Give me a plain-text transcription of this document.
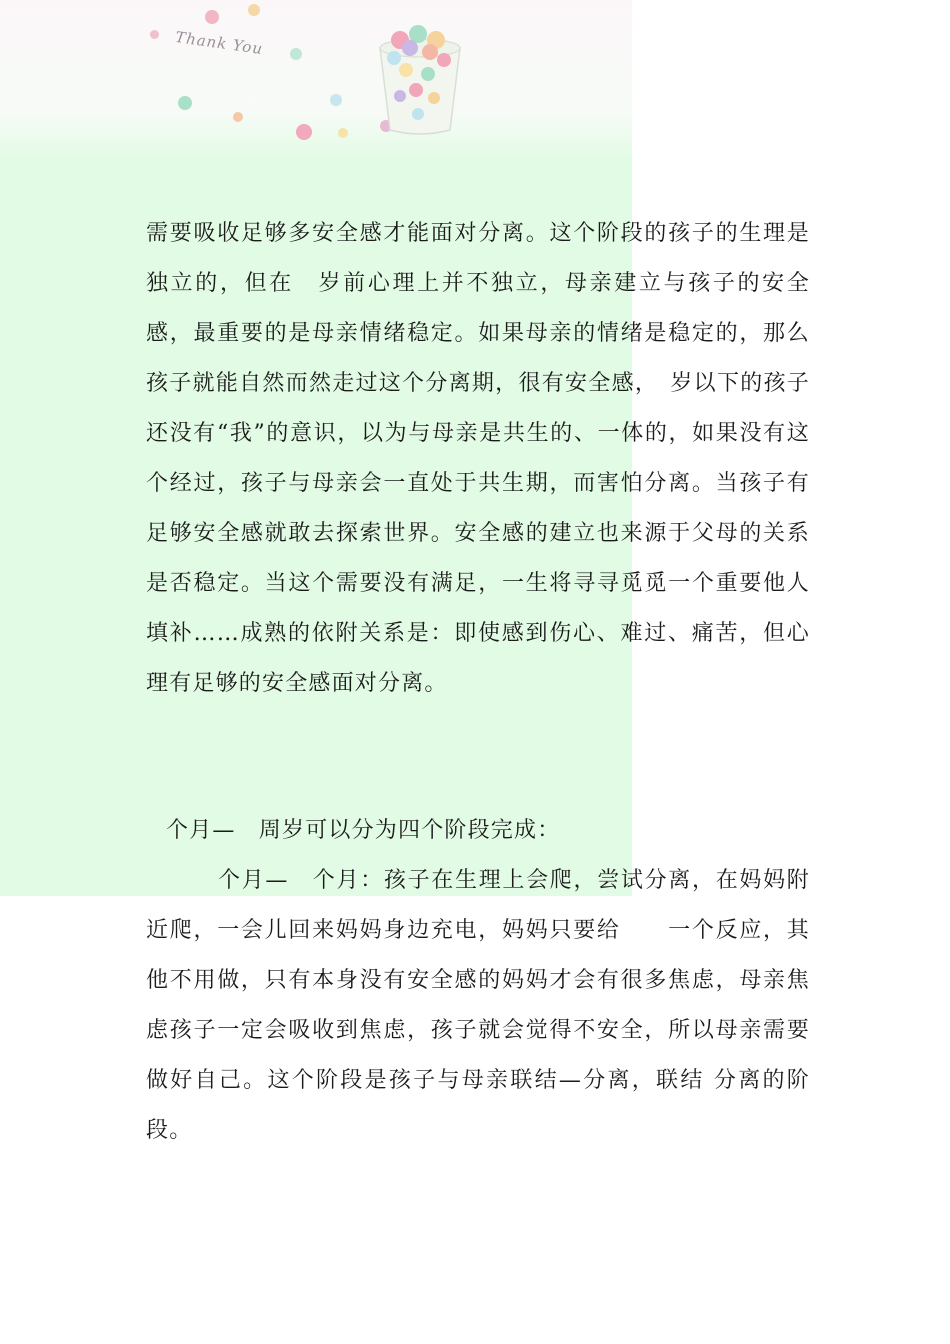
Thank You

需要吸收足够多安全感才能面对分离。这个阶段的孩子的生理是独立的，但在　岁前心理上并不独立，母亲建立与孩子的安全感，最重要的是母亲情绪稳定。如果母亲的情绪是稳定的，那么孩子就能自然而然走过这个分离期，很有安全感，　岁以下的孩子还没有“我”的意识，以为与母亲是共生的、一体的，如果没有这个经过，孩子与母亲会一直处于共生期，而害怕分离。当孩子有足够安全感就敢去探索世界。安全感的建立也来源于父母的关系是否稳定。当这个需要没有满足，一生将寻寻觅觅一个重要他人填补……成熟的依附关系是：即使感到伤心、难过、痛苦，但心理有足够的安全感面对分离。

个月—　周岁可以分为四个阶段完成：

个月—　个月：孩子在生理上会爬，尝试分离，在妈妈附近爬，一会儿回来妈妈身边充电，妈妈只要给　　一个反应，其他不用做，只有本身没有安全感的妈妈才会有很多焦虑，母亲焦虑孩子一定会吸收到焦虑，孩子就会觉得不安全，所以母亲需要做好自己。这个阶段是孩子与母亲联结—分离，联结 分离的阶段。
